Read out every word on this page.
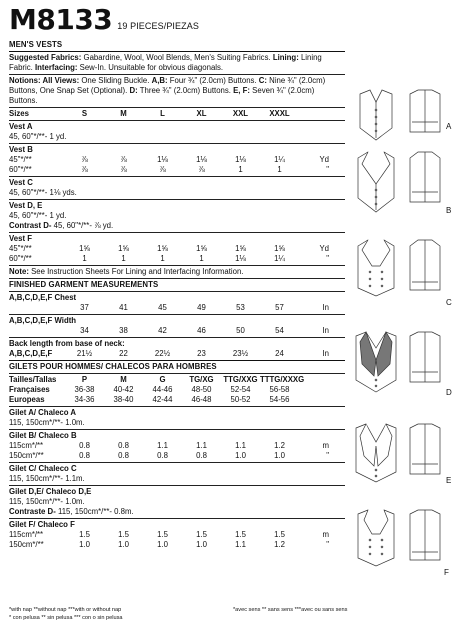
M8133 19 PIECES/PIEZAS
MEN'S VESTS
Suggested Fabrics: Gabardine, Wool, Wool Blends, Men's Suiting Fabrics. Lining: Lining
Fabric. Interfacing: Sew-In. Unsuitable for obvious diagonals.
Notions: All Views: One Sliding Buckle. A,B: Four ¾" (2.0cm) Buttons. C: Nine ¾" (2.0cm)
Buttons, One Snap Set (Optional). D: Three ¾" (2.0cm) Buttons. E, F: Seven ¾" (2.0cm) Buttons.
Sizes	S	M	L	XL	XXL	XXXL
Vest A
45, 60"*/**- 1 yd.
Vest B
45"*/**	⅞	⅞	1⅛	1⅛	1⅛	1¼	Yd
60"*/**	⅞	⅞	⅞	⅞	1	1	"
Vest C
45, 60"*/**- 1⅛ yds.
Vest D, E
45, 60"*/**- 1 yd.
Contrast D- 45, 60"*/**- ⅞ yd.
Vest F
45"*/**	1⅝	1⅝	1⅝	1⅝	1⅝	1⅝	Yd
60"*/**	1	1	1	1	1⅛	1¼	"
Note: See Instruction Sheets For Lining and Interfacing Information.
FINISHED GARMENT MEASUREMENTS
A,B,C,D,E,F Chest
37	41	45	49	53	57	In
A,B,C,D,E,F Width
34	38	42	46	50	54	In
Back length from base of neck:
A,B,C,D,E,F	21½	22	22½	23	23½	24	In
GILETS POUR HOMMES/ CHALECOS PARA HOMBRES
Tailles/Tallas	P	M	G	TG/XG	TTG/XXG TTTG/XXXG
Françaises	36-38	40-42	44-46	48-50	52-54	56-58
Europeas	34-36	38-40	42-44	46-48	50-52	54-56
Gilet A/ Chaleco A
115, 150cm*/**- 1.0m.
Gilet B/ Chaleco B
115cm*/**	0.8	0.8	1.1	1.1	1.1	1.2	m
150cm*/**	0.8	0.8	0.8	0.8	1.0	1.0	"
Gilet C/ Chaleco C
115, 150cm*/**- 1.1m.
Gilet D,E/ Chaleco D,E
115, 150cm*/**- 1.0m.
Contraste D- 115, 150cm*/**- 0.8m.
Gilet F/ Chaleco F
115cm*/**	1.5	1.5	1.5	1.5	1.5	1.5	m
150cm*/**	1.0	1.0	1.0	1.0	1.1	1.2	"
*with nap **without nap ***with or without nap
* con pelusa ** sin pelusa *** con o sin pelusa
*avec sens ** sans sens ***avec ou sans sens
A
B
C
D
E
F
